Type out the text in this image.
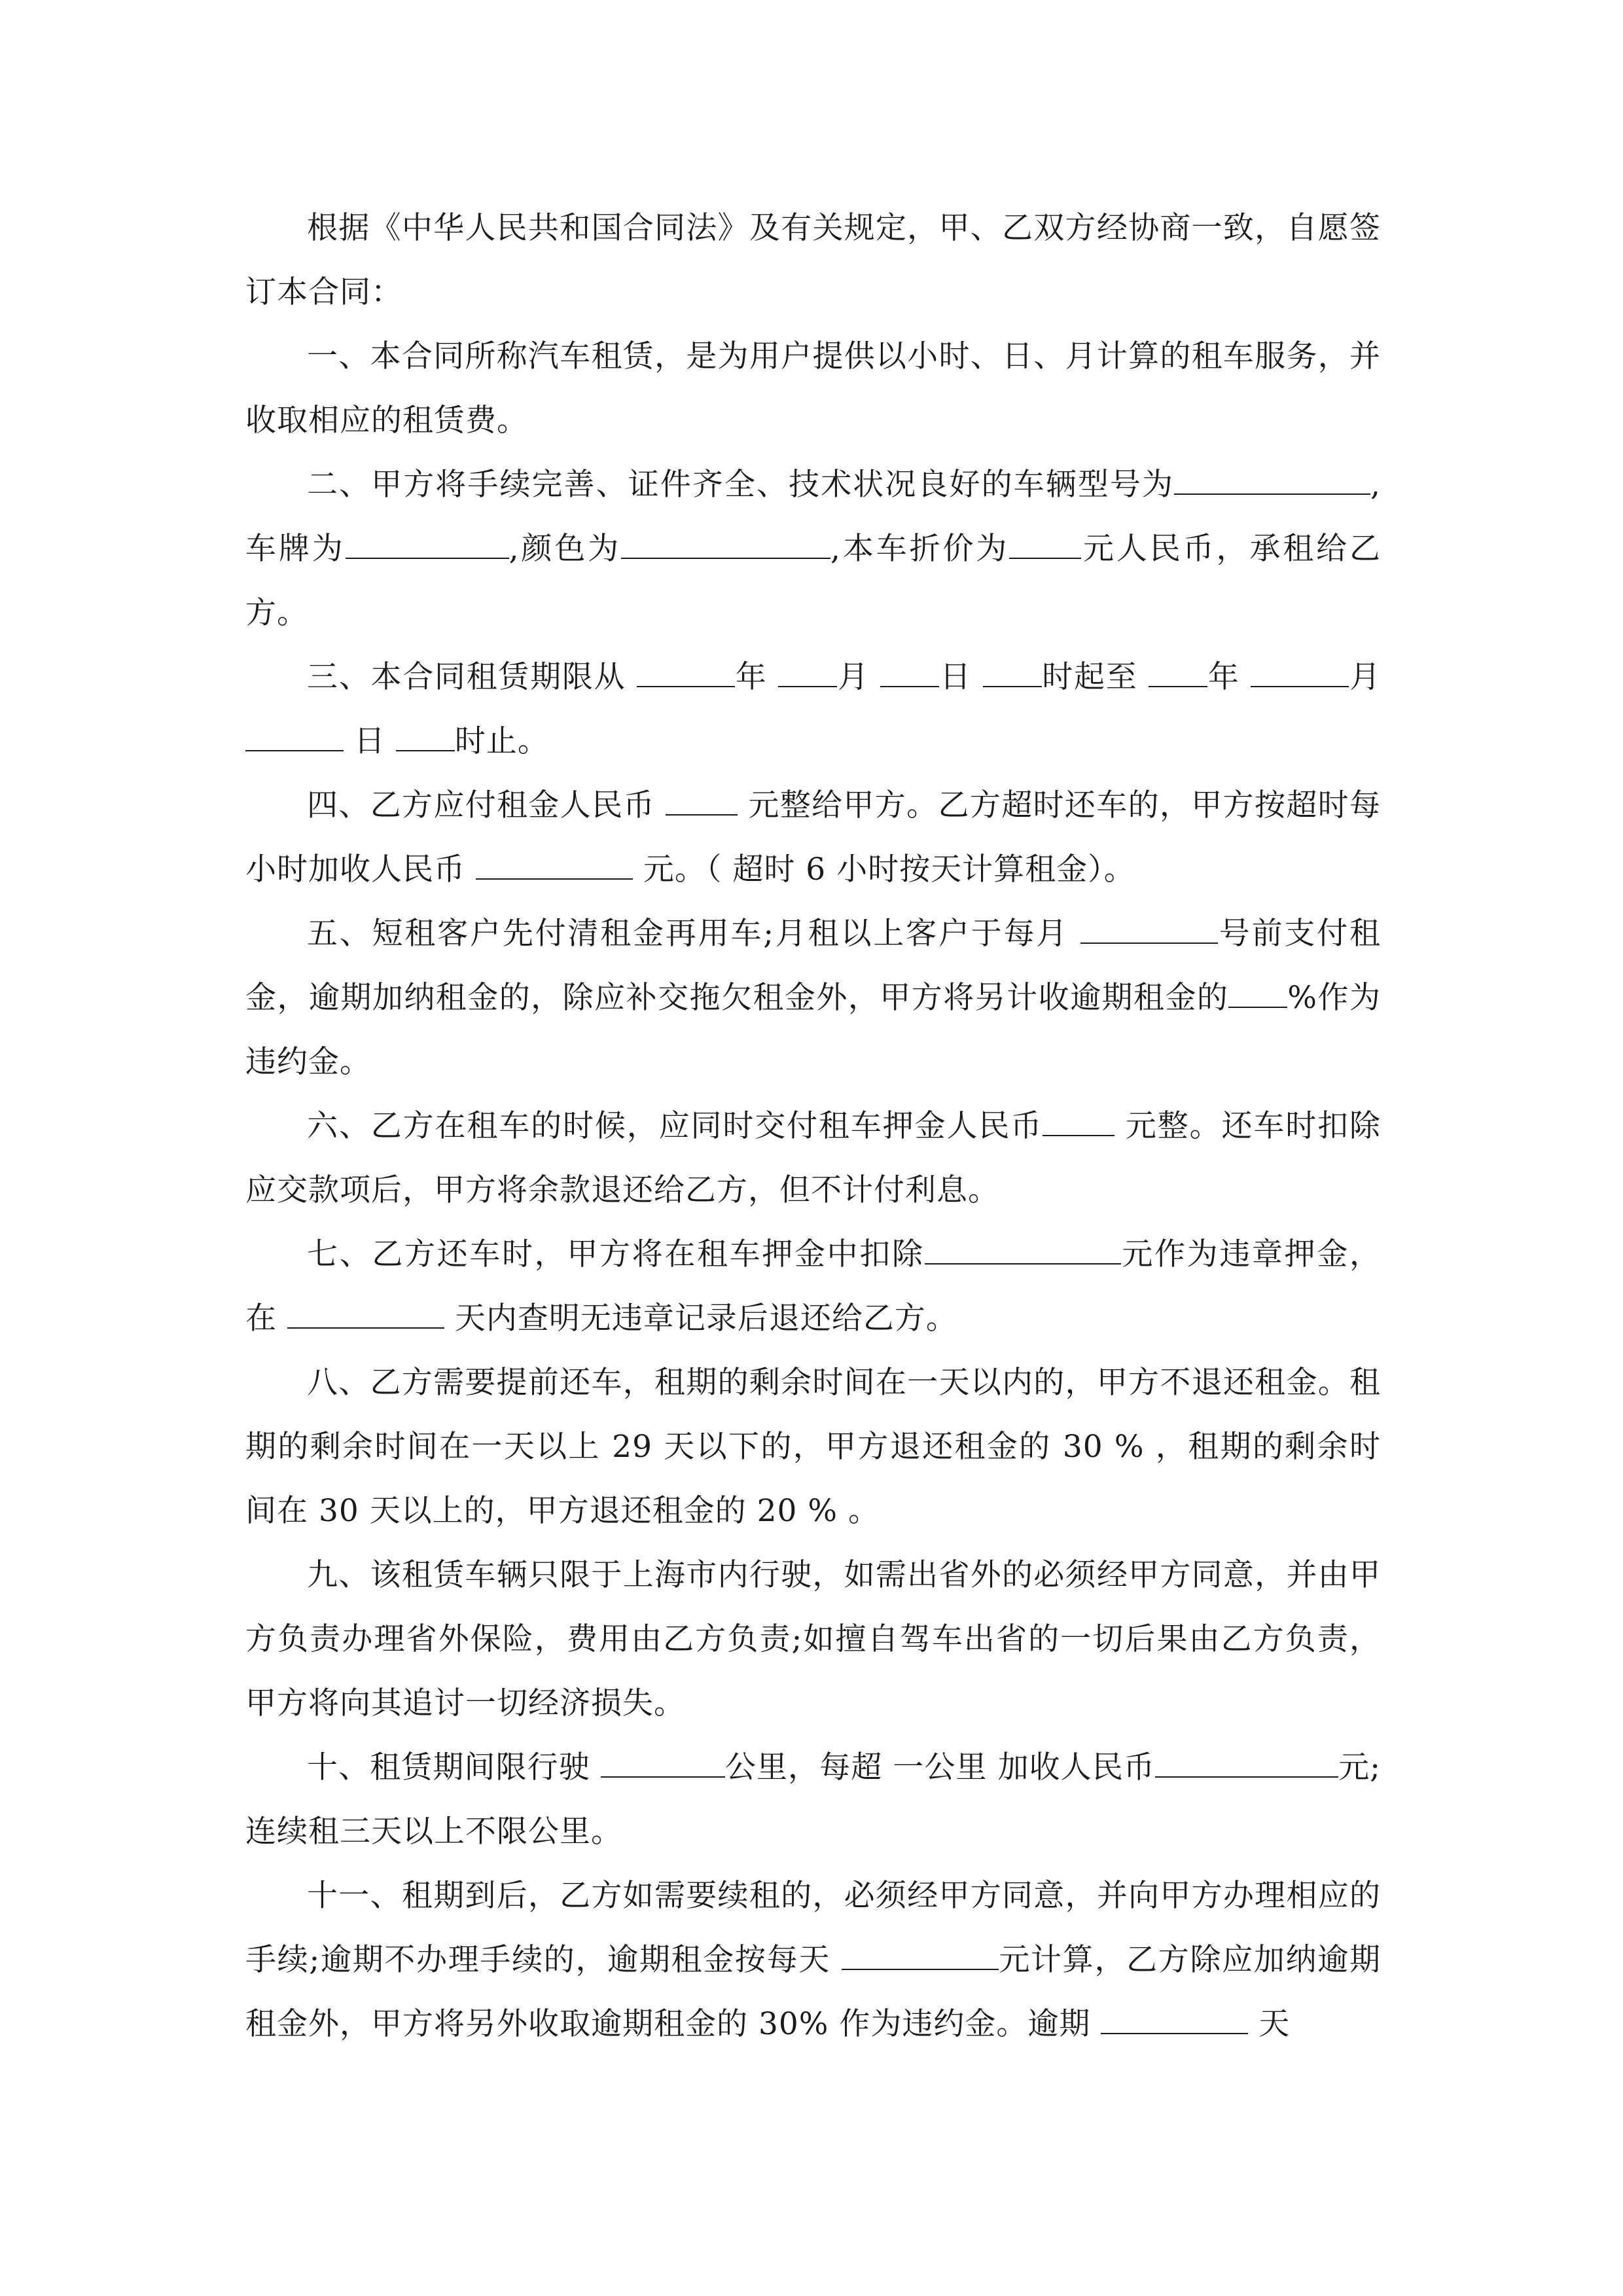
根据《中华人民共和国合同法》及有关规定，甲、乙双方经协商一致，自愿签订本合同：

一、本合同所称汽车租赁，是为用户提供以小时、日、月计算的租车服务，并收取相应的租赁费。

二、甲方将手续完善、证件齐全、技术状况良好的车辆型号为	,车牌为	,颜色为	,本车折价为 元人民币，承租给乙方。

三、本合同租赁期限从	年 月 日 时起至 年	月  日 时止。

四、乙方应付租金人民币	元整给甲方。乙方超时还车的，甲方按超时每小时加收人民币	元。（ 超时 6 小时按天计算租金）。

五、短租客户先付清租金再用车;月租以上客户于每月	号前支付租金，逾期加纳租金的，除应补交拖欠租金外，甲方将另计收逾期租金的 %作为违约金。

六、乙方在租车的时候，应同时交付租车押金人民币	元整。还车时扣除应交款项后，甲方将余款退还给乙方，但不计付利息。

七、乙方还车时，甲方将在租车押金中扣除	元作为违章押金，在	天内查明无违章记录后退还给乙方。

八、乙方需要提前还车，租期的剩余时间在一天以内的，甲方不退还租金。租期的剩余时间在一天以上 29 天以下的，甲方退还租金的 30 % ，租期的剩余时间在 30 天以上的，甲方退还租金的 20 % 。

九、该租赁车辆只限于上海市内行驶，如需出省外的必须经甲方同意，并由甲方负责办理省外保险，费用由乙方负责;如擅自驾车出省的一切后果由乙方负责，甲方将向其追讨一切经济损失。

十、租赁期间限行驶	公里，每超 一公里 加收人民币	元;连续租三天以上不限公里。

十一、租期到后，乙方如需要续租的，必须经甲方同意，并向甲方办理相应的手续;逾期不办理手续的，逾期租金按每天	元计算，乙方除应加纳逾期租金外，甲方将另外收取逾期租金的 30% 作为违约金。逾期	天
